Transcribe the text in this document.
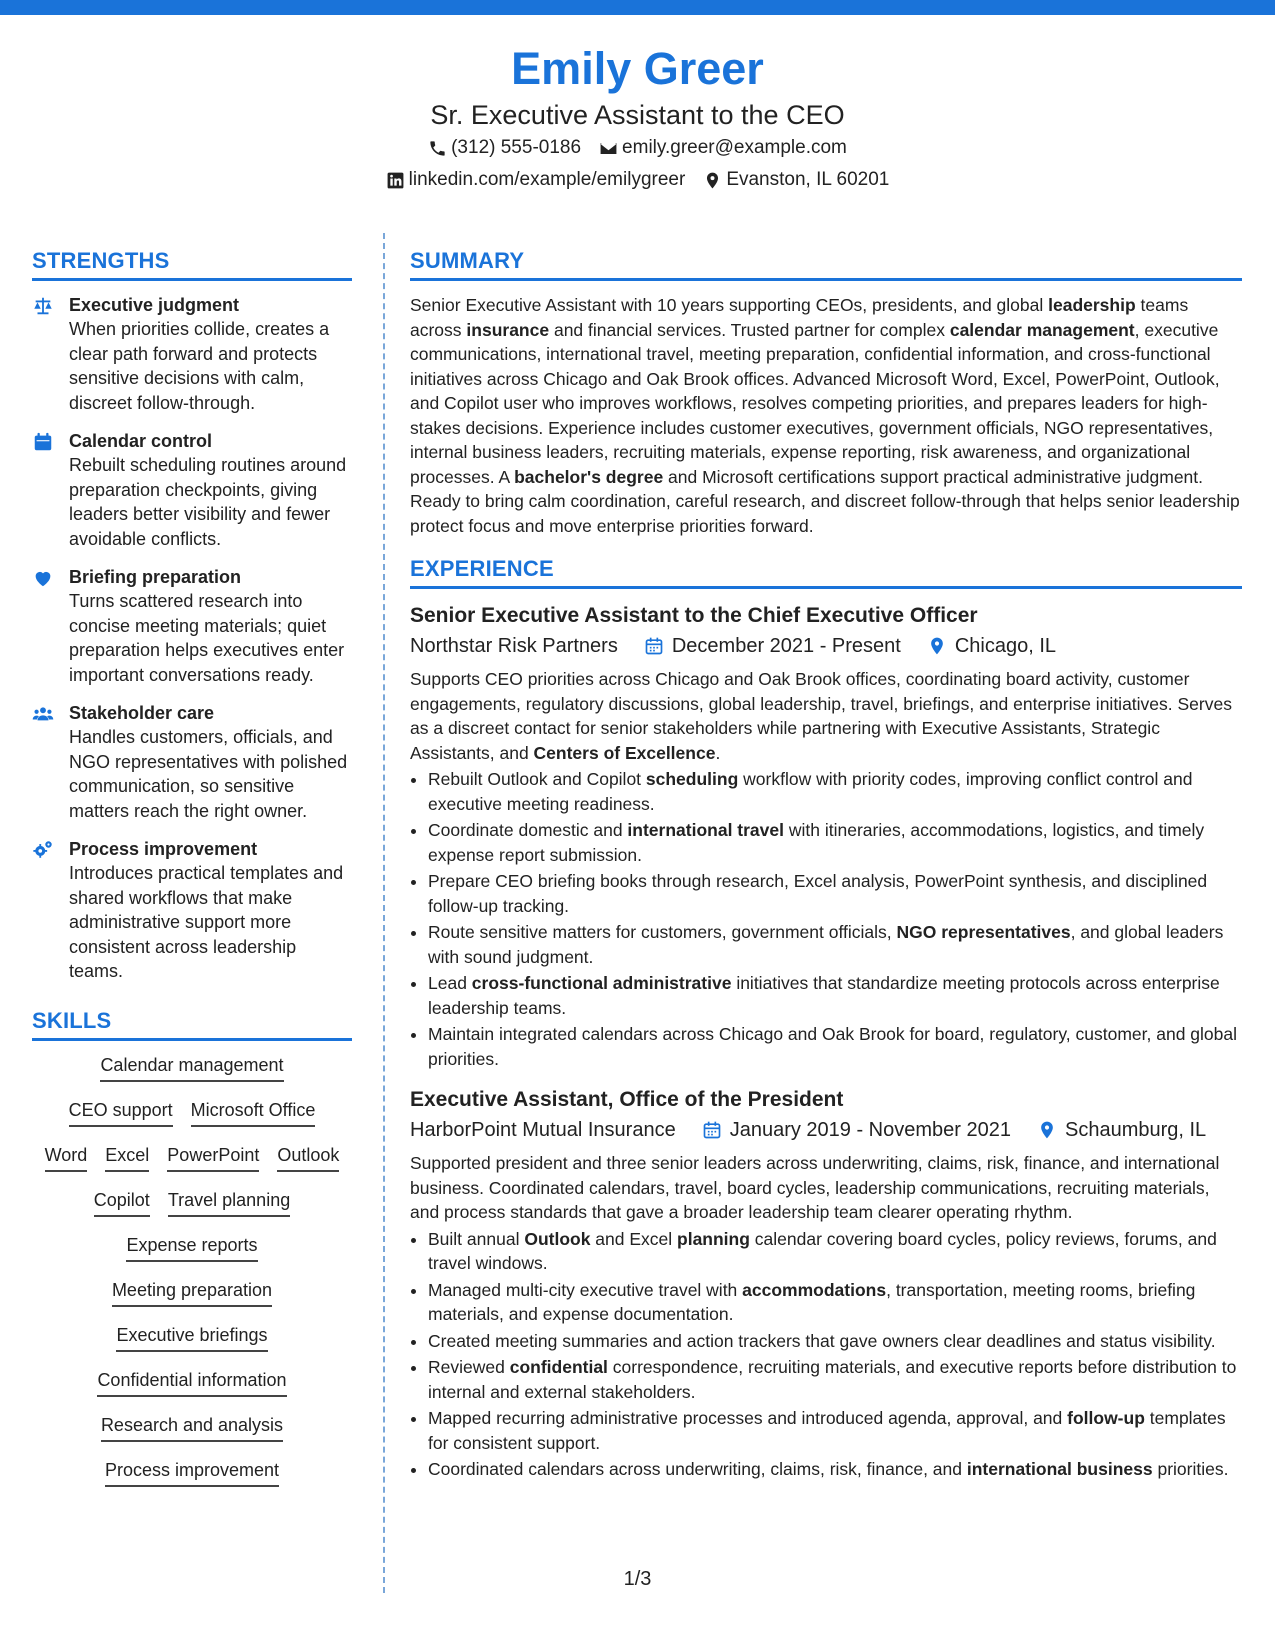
Emily Greer
Sr. Executive Assistant to the CEO
(312) 555-0186 emily.greer@example.com
linkedin.com/example/emilygreer Evanston, IL 60201
STRENGTHS
Executive judgment
When priorities collide, creates a clear path forward and protects sensitive decisions with calm, discreet follow-through.
Calendar control
Rebuilt scheduling routines around preparation checkpoints, giving leaders better visibility and fewer avoidable conflicts.
Briefing preparation
Turns scattered research into concise meeting materials; quiet preparation helps executives enter important conversations ready.
Stakeholder care
Handles customers, officials, and NGO representatives with polished communication, so sensitive matters reach the right owner.
Process improvement
Introduces practical templates and shared workflows that make administrative support more consistent across leadership teams.
SKILLS
Calendar management
CEO support Microsoft Office
Word Excel PowerPoint Outlook
Copilot Travel planning
Expense reports
Meeting preparation
Executive briefings
Confidential information
Research and analysis
Process improvement
SUMMARY

Senior Executive Assistant with 10 years supporting CEOs, presidents, and global leadership teams across insurance and financial services. Trusted partner for complex calendar management, executive communications, international travel, meeting preparation, confidential information, and cross-functional initiatives across Chicago and Oak Brook offices. Advanced Microsoft Word, Excel, PowerPoint, Outlook, and Copilot user who improves workflows, resolves competing priorities, and prepares leaders for high-stakes decisions. Experience includes customer executives, government officials, NGO representatives, internal business leaders, recruiting materials, expense reporting, risk awareness, and organizational processes. A bachelor's degree and Microsoft certifications support practical administrative judgment. Ready to bring calm coordination, careful research, and discreet follow-through that helps senior leadership protect focus and move enterprise priorities forward.

EXPERIENCE
Senior Executive Assistant to the Chief Executive Officer
Northstar Risk Partners	December 2021 - Present	Chicago, IL

Supports CEO priorities across Chicago and Oak Brook offices, coordinating board activity, customer engagements, regulatory discussions, global leadership, travel, briefings, and enterprise initiatives. Serves as a discreet contact for senior stakeholders while partnering with Executive Assistants, Strategic Assistants, and Centers of Excellence.

• Rebuilt Outlook and Copilot scheduling workflow with priority codes, improving conflict control and executive meeting readiness.
• Coordinate domestic and international travel with itineraries, accommodations, logistics, and timely expense report submission.
• Prepare CEO briefing books through research, Excel analysis, PowerPoint synthesis, and disciplined follow-up tracking.
• Route sensitive matters for customers, government officials, NGO representatives, and global leaders with sound judgment.
• Lead cross-functional administrative initiatives that standardize meeting protocols across enterprise leadership teams.
• Maintain integrated calendars across Chicago and Oak Brook for board, regulatory, customer, and global priorities.
Executive Assistant, Office of the President
HarborPoint Mutual Insurance	January 2019 - November 2021	Schaumburg, IL

Supported president and three senior leaders across underwriting, claims, risk, finance, and international business. Coordinated calendars, travel, board cycles, leadership communications, recruiting materials, and process standards that gave a broader leadership team clearer operating rhythm.

• Built annual Outlook and Excel planning calendar covering board cycles, policy reviews, forums, and travel windows.
• Managed multi-city executive travel with accommodations, transportation, meeting rooms, briefing materials, and expense documentation.
• Created meeting summaries and action trackers that gave owners clear deadlines and status visibility.
• Reviewed confidential correspondence, recruiting materials, and executive reports before distribution to internal and external stakeholders.
• Mapped recurring administrative processes and introduced agenda, approval, and follow-up templates for consistent support.
• Coordinated calendars across underwriting, claims, risk, finance, and international business priorities.
1/3
